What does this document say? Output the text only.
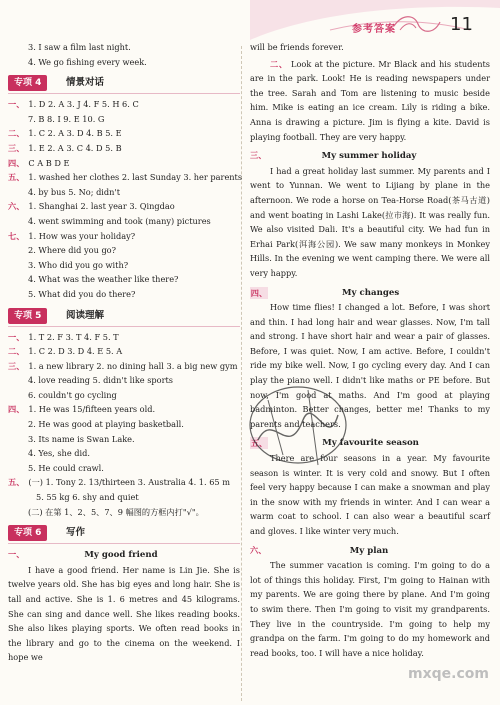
参考答案	11
3. I saw a film last night.
4. We go fishing every week.
专项 4	情景对话
一、 1. D 2. A 3. J 4. F 5. H 6. C
7. B 8. I 9. E 10. G
二、 1. C 2. A 3. D 4. B 5. E
三、 1. E 2. A 3. C 4. D 5. B
四、 C A B D E
五、 1. washed her clothes 2. last Sunday 3. her parents
4. by bus 5. No; didn't
六、 1. Shanghai 2. last year 3. Qingdao
4. went swimming and took (many) pictures
七、 1. How was your holiday?
2. Where did you go?
3. Who did you go with?
4. What was the weather like there?
5. What did you do there?
专项 5	阅读理解
一、 1. T 2. F 3. T 4. F 5. T
二、 1. C 2. D 3. D 4. E 5. A
三、 1. a new library 2. no dining hall 3. a big new gym
4. love reading 5. didn't like sports
6. couldn't go cycling
四、 1. He was 15/fifteen years old.
2. He was good at playing basketball.
3. Its name is Swan Lake.
4. Yes, she did.
5. He could crawl.
五、 (一) 1. Tony 2. 13/thirteen 3. Australia 4. 1. 65 m
5. 55 kg 6. shy and quiet
(二) 在第 1、2、5、7、9 幅图的方框内打"√"。
专项 6	写作
一、	My good friend
I have a good friend. Her name is Lin Jie. She is twelve years old. She has big eyes and long hair. She is tall and active. She is 1. 6 metres and 45 kilograms. She can sing and dance well. She likes reading books. She also likes playing sports. We often read books in the library and go to the cinema on the weekend. I hope we
will be friends forever.
二、 Look at the picture. Mr Black and his students are in the park. Look! He is reading newspapers under the tree. Sarah and Tom are listening to music beside him. Mike is eating an ice cream. Lily is riding a bike. Anna is drawing a picture. Jim is flying a kite. David is playing football. They are very happy.
三、	My summer holiday
I had a great holiday last summer. My parents and I went to Yunnan. We went to Lijiang by plane in the afternoon. We rode a horse on Tea-Horse Road(茶马古道) and went boating in Lashi Lake(拉市海). It was really fun. We also visited Dali. It's a beautiful city. We had fun in Erhai Park(洱海公园). We saw many monkeys in Monkey Hills. In the evening we went camping there. We were all very happy.
四、	My changes
How time flies! I changed a lot. Before, I was short and thin. I had long hair and wear glasses. Now, I'm tall and strong. I have short hair and wear a pair of glasses. Before, I was quiet. Now, I am active. Before, I couldn't ride my bike well. Now, I go cycling every day. And I can play the piano well. I didn't like maths or PE before. But now, I'm good at maths. And I'm good at playing badminton. Better changes, better me! Thanks to my parents and teachers.
五、	My favourite season
There are four seasons in a year. My favourite season is winter. It is very cold and snowy. But I often feel very happy because I can make a snowman and play in the snow with my friends in winter. And I can wear a warm coat to school. I can also wear a beautiful scarf and gloves. I like winter very much.
六、	My plan
The summer vacation is coming. I'm going to do a lot of things this holiday. First, I'm going to Hainan with my parents. We are going there by plane. And I'm going to swim there. Then I'm going to visit my grandparents. They live in the countryside. I'm going to help my grandpa on the farm. I'm going to do my homework and read books, too. I will have a nice holiday.
mxqe.com
